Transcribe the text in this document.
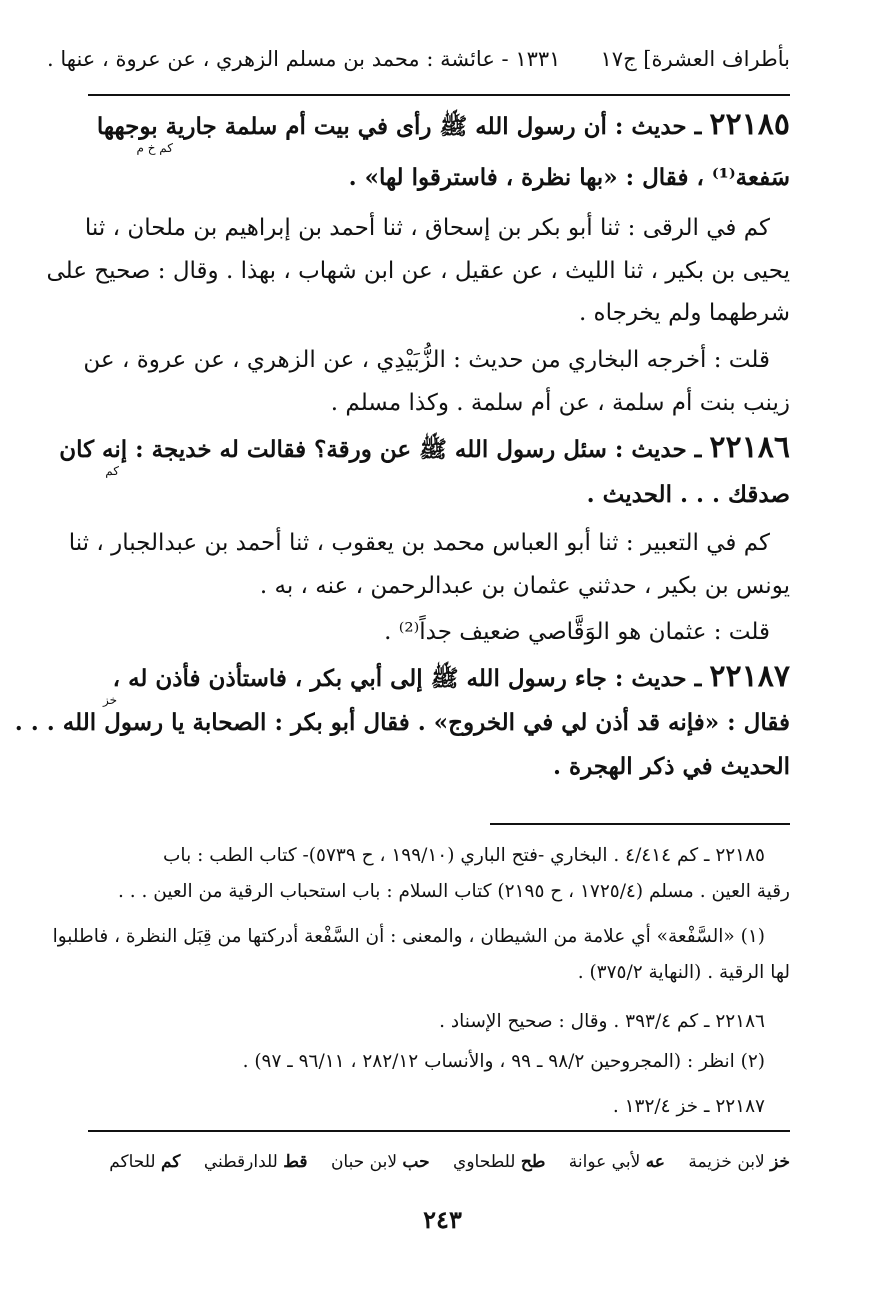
بأطراف العشرة] ج١٧      ١٣٣١ - عائشة : محمد بن مسلم الزهري ، عن عروة ، عنها .
٢٢١٨٥ ـ حديث : أن رسول الله ﷺ رأى في بيت أم سلمة جارية بوجهها
كم خ م
سَفعة⁽¹⁾ ، فقال : «بها نظرة ، فاسترقوا لها» .
كم في الرقى : ثنا أبو بكر بن إسحاق ، ثنا أحمد بن إبراهيم بن ملحان ، ثنا
يحيى بن بكير ، ثنا الليث ، عن عقيل ، عن ابن شهاب ، بهذا . وقال : صحيح على
شرطهما ولم يخرجاه .
قلت : أخرجه البخاري من حديث : الزُّبَيْدِي ، عن الزهري ، عن عروة ، عن
زينب بنت أم سلمة ، عن أم سلمة . وكذا مسلم .
٢٢١٨٦ ـ حديث : سئل رسول الله ﷺ عن ورقة؟ فقالت له خديجة : إنه كان
كم
صدقك . . . الحديث .
كم في التعبير : ثنا أبو العباس محمد بن يعقوب ، ثنا أحمد بن عبدالجبار ، ثنا
يونس بن بكير ، حدثني عثمان بن عبدالرحمن ، عنه ، به .
قلت : عثمان هو الوَقَّاصي ضعيف جداً⁽²⁾ .
٢٢١٨٧ ـ حديث : جاء رسول الله ﷺ إلى أبي بكر ، فاستأذن فأذن له ،
خز
فقال : «فإنه قد أذن لي في الخروج» . فقال أبو بكر : الصحابة يا رسول الله . . .
الحديث في ذكر الهجرة .
٢٢١٨٥ ـ كم ٤/٤١٤ . البخاري -فتح الباري (١٩٩/١٠ ، ح ٥٧٣٩)- كتاب الطب : باب
رقية العين . مسلم (١٧٢٥/٤ ، ح ٢١٩٥) كتاب السلام : باب استحباب الرقية من العين . . .
(١) «السَّفْعة» أي علامة من الشيطان ، والمعنى : أن السَّفْعة أدركتها من قِبَل النظرة ، فاطلبوا
لها الرقية . (النهاية ٣٧٥/٢) .
٢٢١٨٦ ـ كم ٣٩٣/٤ . وقال : صحيح الإسناد .
(٢) انظر : (المجروحين ٩٨/٢ ـ ٩٩ ، والأنساب ٢٨٢/١٢ ، ٩٦/١١ ـ ٩٧) .
٢٢١٨٧ ـ خز ١٣٢/٤ .
خز لابن خزيمة عه لأبي عوانة طح للطحاوي حب لابن حبان قط للدارقطني كم للحاكم
٢٤٣
